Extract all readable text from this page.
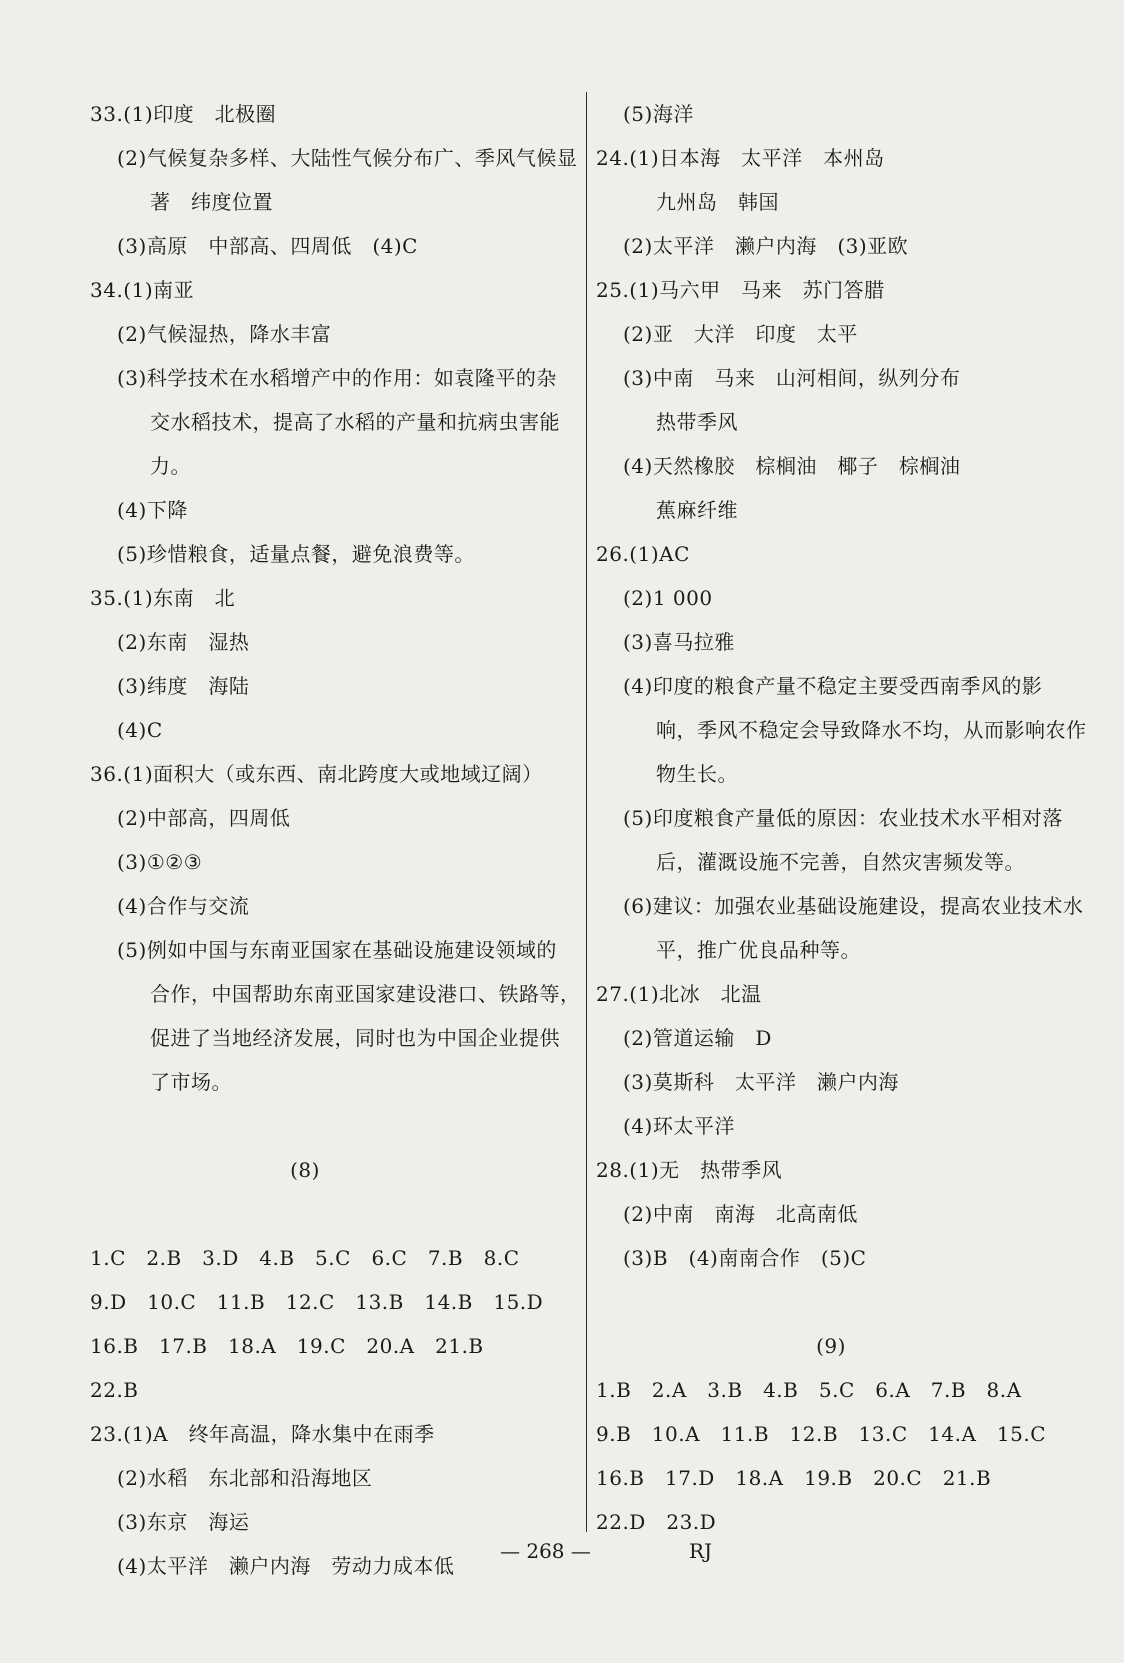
33.(1)印度　北极圈
(2)气候复杂多样、大陆性气候分布广、季风气候显
著　纬度位置
(3)高原　中部高、四周低　(4)C
34.(1)南亚
(2)气候湿热，降水丰富
(3)科学技术在水稻增产中的作用：如袁隆平的杂
交水稻技术，提高了水稻的产量和抗病虫害能
力。
(4)下降
(5)珍惜粮食，适量点餐，避免浪费等。
35.(1)东南　北
(2)东南　湿热
(3)纬度　海陆
(4)C
36.(1)面积大（或东西、南北跨度大或地域辽阔）
(2)中部高，四周低
(3)①②③
(4)合作与交流
(5)例如中国与东南亚国家在基础设施建设领域的
合作，中国帮助东南亚国家建设港口、铁路等，
促进了当地经济发展，同时也为中国企业提供
了市场。
(8)
1.C　2.B　3.D　4.B　5.C　6.C　7.B　8.C
9.D　10.C　11.B　12.C　13.B　14.B　15.D
16.B　17.B　18.A　19.C　20.A　21.B
22.B
23.(1)A　终年高温，降水集中在雨季
(2)水稻　东北部和沿海地区
(3)东京　海运
(4)太平洋　濑户内海　劳动力成本低
(5)海洋
24.(1)日本海　太平洋　本州岛
九州岛　韩国
(2)太平洋　濑户内海　(3)亚欧
25.(1)马六甲　马来　苏门答腊
(2)亚　大洋　印度　太平
(3)中南　马来　山河相间，纵列分布
热带季风
(4)天然橡胶　棕榈油　椰子　棕榈油
蕉麻纤维
26.(1)AC
(2)1 000
(3)喜马拉雅
(4)印度的粮食产量不稳定主要受西南季风的影
响，季风不稳定会导致降水不均，从而影响农作
物生长。
(5)印度粮食产量低的原因：农业技术水平相对落
后，灌溉设施不完善，自然灾害频发等。
(6)建议：加强农业基础设施建设，提高农业技术水
平，推广优良品种等。
27.(1)北冰　北温
(2)管道运输　D
(3)莫斯科　太平洋　濑户内海
(4)环太平洋
28.(1)无　热带季风
(2)中南　南海　北高南低
(3)B　(4)南南合作　(5)C
(9)
1.B　2.A　3.B　4.B　5.C　6.A　7.B　8.A
9.B　10.A　11.B　12.B　13.C　14.A　15.C
16.B　17.D　18.A　19.B　20.C　21.B
22.D　23.D
— 268 —	RJ
